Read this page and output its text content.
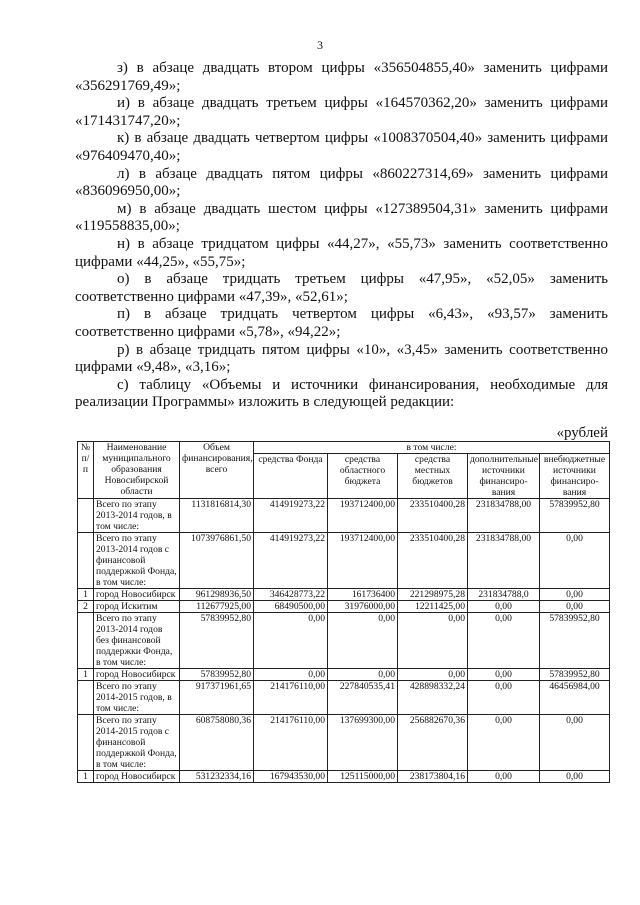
3

з) в абзаце двадцать втором цифры «356504855,40» заменить цифрами «356291769,49»;

и) в абзаце двадцать третьем цифры «164570362,20» заменить цифрами «171431747,20»;

к) в абзаце двадцать четвертом цифры «1008370504,40» заменить цифрами «976409470,40»;

л) в абзаце двадцать пятом цифры «860227314,69» заменить цифрами «836096950,00»;

м) в абзаце двадцать шестом цифры «127389504,31» заменить цифрами «119558835,00»;

н) в абзаце тридцатом цифры «44,27», «55,73» заменить соответственно цифрами «44,25», «55,75»;

о) в абзаце тридцать третьем цифры «47,95», «52,05» заменить соответственно цифрами «47,39», «52,61»;

п) в абзаце тридцать четвертом цифры «6,43», «93,57» заменить соответственно цифрами «5,78», «94,22»;

р) в абзаце тридцать пятом цифры «10», «3,45» заменить соответственно цифрами «9,48», «3,16»;

с) таблицу «Объемы и источники финансирования, необходимые для реализации Программы» изложить в следующей редакции:

«рублей
№ п/п	Наименование муниципального образования Новосибирской области	Объем финансирования, всего	в том числе:				
			средства Фонда	средства областного бюджета	средства местных бюджетов	дополнительные источники финансиро-вания	внебюджетные источники финансиро-вания
	Всего по этапу 2013-2014 годов, в том числе:	1131816814,30	414919273,22	193712400,00	233510400,28	231834788,00	57839952,80
	Всего по этапу 2013-2014 годов с финансовой поддержкой Фонда, в том числе:	1073976861,50	414919273,22	193712400,00	233510400,28	231834788,00	0,00
1	город Новосибирск	961298936,50	346428773,22	161736400	221298975,28	231834788,0	0,00
2	город Искитим	112677925,00	68490500,00	31976000,00	12211425,00	0,00	0,00
	Всего по этапу 2013-2014 годов без финансовой поддержки Фонда, в том числе:	57839952,80	0,00	0,00	0,00	0,00	57839952,80
1	город Новосибирск	57839952,80	0,00	0,00	0,00	0,00	57839952,80
	Всего по этапу 2014-2015 годов, в том числе:	917371961,65	214176110,00	227840535,41	428898332,24	0,00	46456984,00
	Всего по этапу 2014-2015 годов с финансовой поддержкой Фонда, в том числе:	608758080,36	214176110,00	137699300,00	256882670,36	0,00	0,00
1	город Новосибирск	531232334,16	167943530,00	125115000,00	238173804,16	0,00	0,00
